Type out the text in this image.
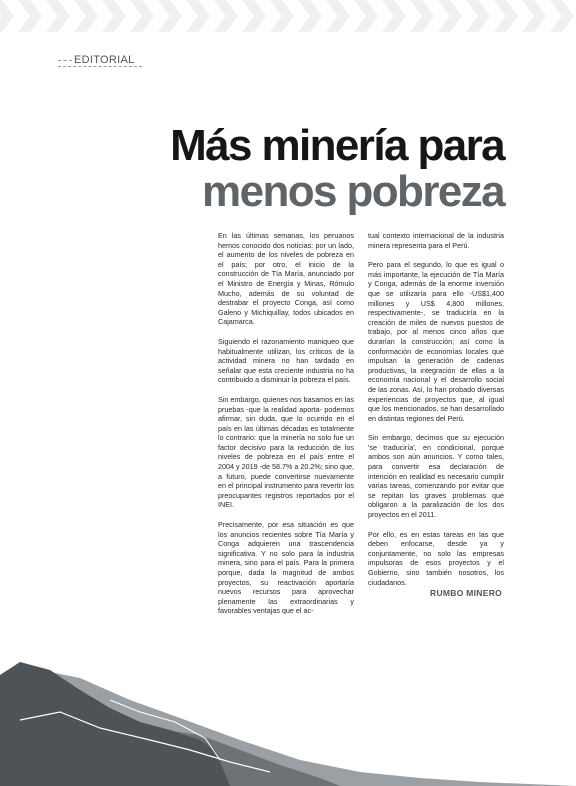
EDITORIAL
Más minería para
menos pobreza

En las últimas semanas, los peruanos hemos conocido dos noticias: por un lado, el aumento de los niveles de pobreza en el país; por otro, el inicio de la construcción de Tía María, anunciado por el Ministro de Energía y Minas, Rómulo Mucho, además de su voluntad de destrabar el proyecto Conga, así como Galeno y Michiquillay, todos ubicados en Cajamarca.

Siguiendo el razonamiento maniqueo que habitualmente utilizan, los críticos de la actividad minera no han tardado en señalar que esta creciente industria no ha contribuido a disminuir la pobreza el país.

Sin embargo, quienes nos basamos en las pruebas -que la realidad aporta- podemos afirmar, sin duda, que lo ocurrido en el país en las últimas décadas es totalmente lo contrario: que la minería no solo fue un factor decisivo para la reducción de los niveles de pobreza en el país entre el 2004 y 2019 -de 58.7% a 20.2%; sino que, a futuro, puede convertirse nuevamente en el principal instrumento para revertir los preocupantes registros reportados por el INEI.

Precisamente, por esa situación es que los anuncios recientes sobre Tía María y Conga adquieren una trascendencia significativa. Y no solo para la industria minera, sino para el país. Para la primera porque, dada la magnitud de ambos proyectos, su reactivación aportaría nuevos recursos para aprovechar plenamente las extraordinarias y favorables ventajas que el ac-

tual contexto internacional de la industria minera representa para el Perú.

Pero para el segundo, lo que es igual o más importante, la ejecución de Tía María y Conga, además de la enorme inversión que se utilizaría para ello -US$1,400 millones y US$ 4,800 millones, respectivamente-, se traduciría en la creación de miles de nuevos puestos de trabajo, por al menos cinco años que durarían la construcción; así como la conformación de economías locales que impulsan la generación de cadenas productivas, la integración de ellas a la economía nacional y el desarrollo social de las zonas. Así, lo han probado diversas experiencias de proyectos que, al igual que los mencionados, se han desarrollado en distintas regiones del Perú.

Sin embargo, decimos que su ejecución 'se traduciría', en condicional, porque ambos son aún anuncios. Y como tales, para convertir esa declaración de intención en realidad es necesario cumplir varias tareas, comenzando por evitar que se repitan los graves problemas que obligaron a la paralización de los dos proyectos en el 2011.

Por ello, es en estas tareas en las que deben enfocarse, desde ya y conjuntamente, no solo las empresas impulsoras de esos proyectos y el Gobierno, sino también nosotros, los ciudadanos.

RUMBO MINERO
